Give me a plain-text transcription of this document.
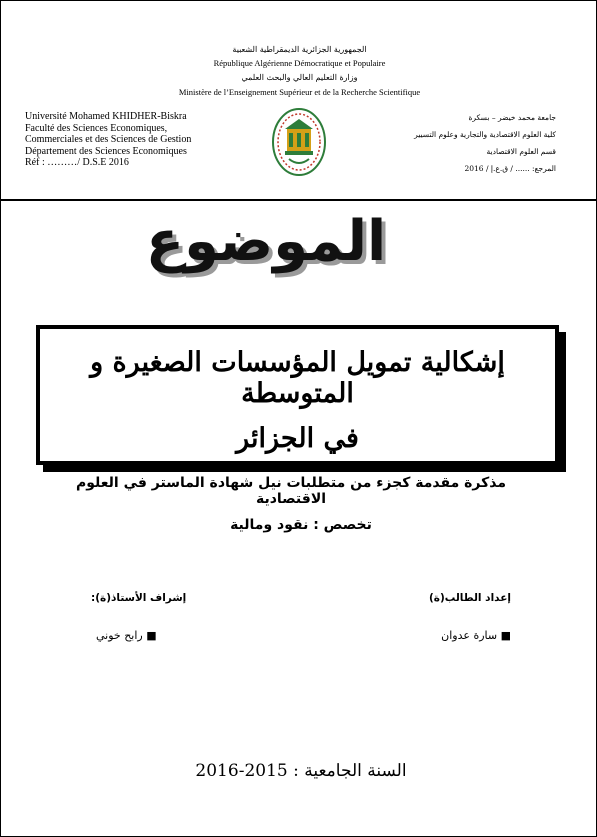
الجمهورية الجزائرية الديمقراطية الشعبية
République Algérienne Démocratique et Populaire
وزارة التعليم العالي والبحث العلمي
Ministère de l’Enseignement Supérieur et de la Recherche Scientifique
Université Mohamed KHIDHER-Biskra
Faculté des Sciences Economiques,
Commerciales et des Sciences de Gestion
Département des Sciences Economiques
Réf : ………/ D.S.E 2016
جامعة محمد خيضر – بسكرة
كلية العلوم الاقتصادية والتجارية وعلوم التسيير
قسم العلوم الاقتصادية
المرجع: ...... / ق.ع.إ / 2016
الموضوع
إشكالية تمويل المؤسسات الصغيرة و المتوسطة
في الجزائر
مذكرة مقدمة كجزء من متطلبات نيل شهادة الماستر في العلوم الاقتصادية
تخصص : نقود ومالية
إعداد الطالب(ة)
إشراف الأستاذ(ة):
■ سارة عدوان
■ رابح خوني
السنة الجامعية : 2015-2016
